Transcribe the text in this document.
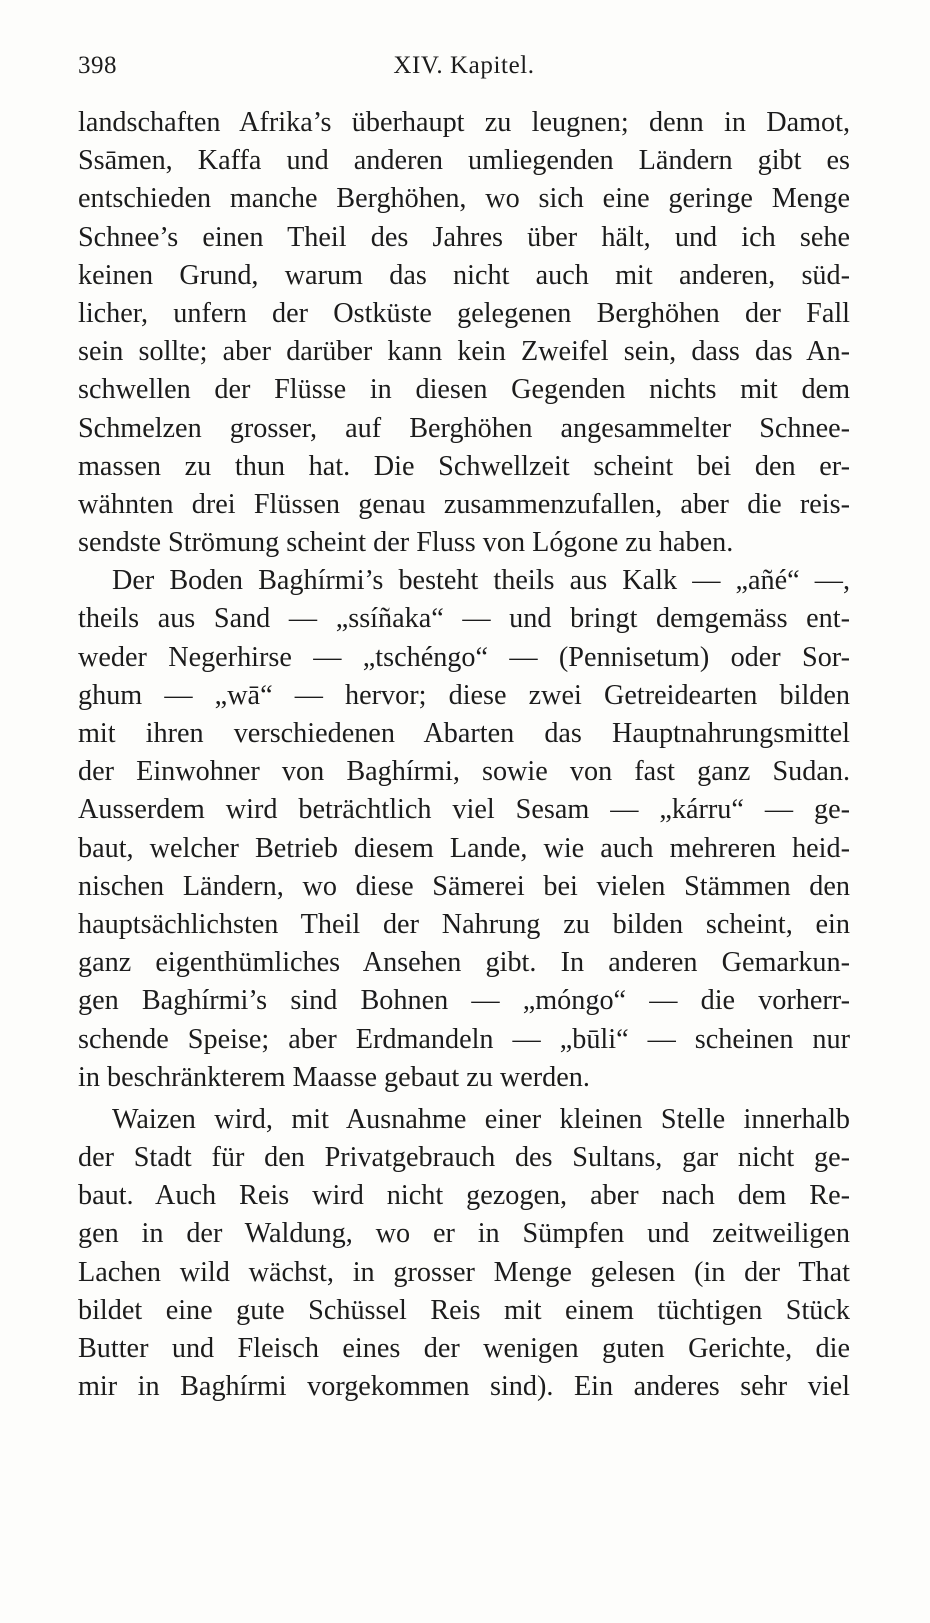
398	XIV. Kapitel.
landschaften Afrika’s überhaupt zu leugnen; denn in Damot,
Ssāmen, Kaffa und anderen umliegenden Ländern gibt es
entschieden manche Berghöhen, wo sich eine geringe Menge
Schnee’s einen Theil des Jahres über hält, und ich sehe
keinen Grund, warum das nicht auch mit anderen, süd-
licher, unfern der Ostküste gelegenen Berghöhen der Fall
sein sollte; aber darüber kann kein Zweifel sein, dass das An-
schwellen der Flüsse in diesen Gegenden nichts mit dem
Schmelzen grosser, auf Berghöhen angesammelter Schnee-
massen zu thun hat. Die Schwellzeit scheint bei den er-
wähnten drei Flüssen genau zusammenzufallen, aber die reis-
sendste Strömung scheint der Fluss von Lógone zu haben.
Der Boden Baghírmi’s besteht theils aus Kalk — „añé“ —,
theils aus Sand — „ssíñaka“ — und bringt demgemäss ent-
weder Negerhirse — „tschéngo“ — (Pennisetum) oder Sor-
ghum — „wā“ — hervor; diese zwei Getreidearten bilden
mit ihren verschiedenen Abarten das Hauptnahrungsmittel
der Einwohner von Baghírmi, sowie von fast ganz Sudan.
Ausserdem wird beträchtlich viel Sesam — „kárru“ — ge-
baut, welcher Betrieb diesem Lande, wie auch mehreren heid-
nischen Ländern, wo diese Sämerei bei vielen Stämmen den
hauptsächlichsten Theil der Nahrung zu bilden scheint, ein
ganz eigenthümliches Ansehen gibt. In anderen Gemarkun-
gen Baghírmi’s sind Bohnen — „móngo“ — die vorherr-
schende Speise; aber Erdmandeln — „būli“ — scheinen nur
in beschränkterem Maasse gebaut zu werden.
Waizen wird, mit Ausnahme einer kleinen Stelle innerhalb
der Stadt für den Privatgebrauch des Sultans, gar nicht ge-
baut. Auch Reis wird nicht gezogen, aber nach dem Re-
gen in der Waldung, wo er in Sümpfen und zeitweiligen
Lachen wild wächst, in grosser Menge gelesen (in der That
bildet eine gute Schüssel Reis mit einem tüchtigen Stück
Butter und Fleisch eines der wenigen guten Gerichte, die
mir in Baghírmi vorgekommen sind). Ein anderes sehr viel
